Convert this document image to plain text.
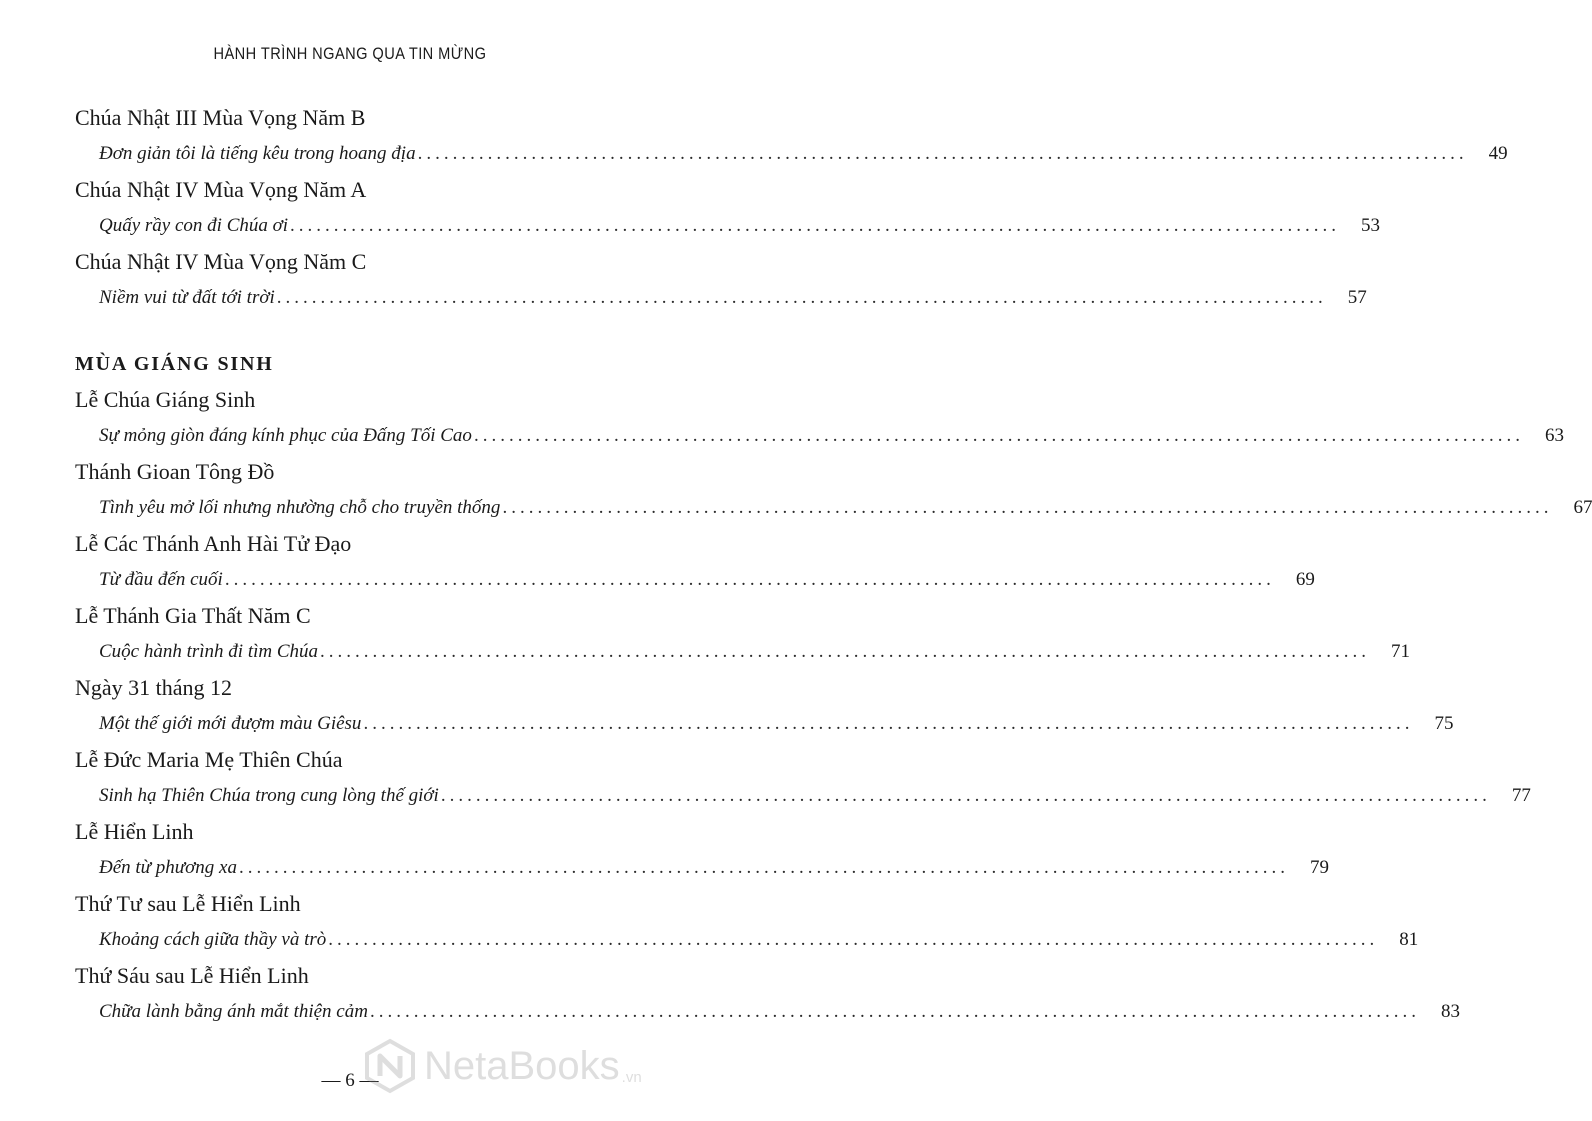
HÀNH TRÌNH NGANG QUA TIN MỪNG
Chúa Nhật III Mùa Vọng Năm B
Đơn giản tôi là tiếng kêu trong hoang địa ........................................................................................................................	49
Chúa Nhật IV Mùa Vọng Năm A
Quấy rầy con đi Chúa ơi ........................................................................................................................	53
Chúa Nhật IV Mùa Vọng Năm C
Niềm vui từ đất tới trời ........................................................................................................................	57
MÙA GIÁNG SINH
Lễ Chúa Giáng Sinh
Sự mỏng giòn đáng kính phục của Đấng Tối Cao ........................................................................................................................	63
Thánh Gioan Tông Đồ
Tình yêu mở lối nhưng nhường chỗ cho truyền thống ........................................................................................................................	67
Lễ Các Thánh Anh Hài Tử Đạo
Từ đầu đến cuối ........................................................................................................................	69
Lễ Thánh Gia Thất Năm C
Cuộc hành trình đi tìm Chúa ........................................................................................................................	71
Ngày 31 tháng 12
Một thế giới mới đượm màu Giêsu ........................................................................................................................	75
Lễ Đức Maria Mẹ Thiên Chúa
Sinh hạ Thiên Chúa trong cung lòng thế giới ........................................................................................................................	77
Lễ Hiển Linh
Đến từ phương xa ........................................................................................................................	79
Thứ Tư sau Lễ Hiển Linh
Khoảng cách giữa thầy và trò ........................................................................................................................	81
Thứ Sáu sau Lễ Hiển Linh
Chữa lành bằng ánh mắt thiện cảm ........................................................................................................................	83
— 6 —	NetaBooks .vn
